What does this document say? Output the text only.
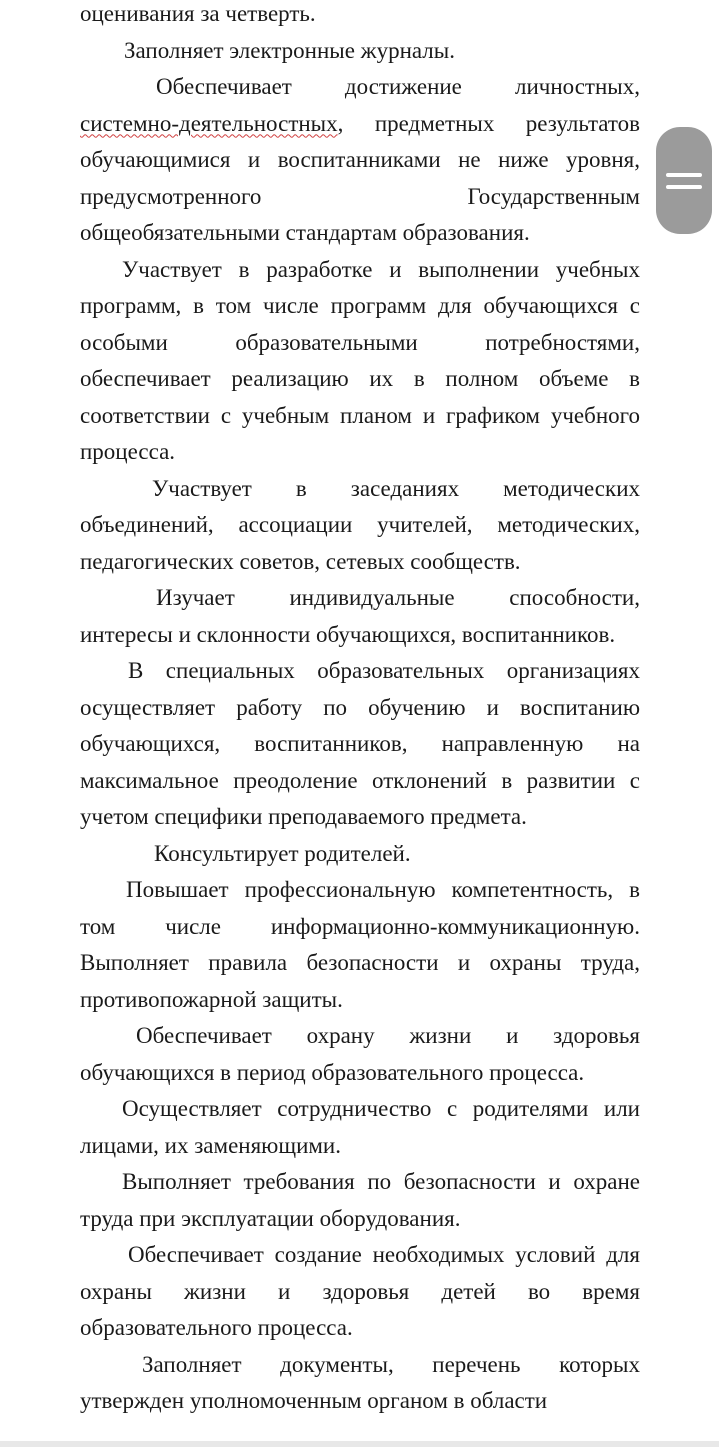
оценивания за четверть.

Заполняет электронные журналы.

Обеспечивает достижение личностных, системно-деятельностных, предметных результатов обучающимися и воспитанниками не ниже уровня, предусмотренного Государственным общеобязательными стандартам образования.

Участвует в разработке и выполнении учебных программ, в том числе программ для обучающихся с особыми образовательными потребностями, обеспечивает реализацию их в полном объеме в соответствии с учебным планом и графиком учебного процесса.

Участвует в заседаниях методических объединений, ассоциации учителей, методических, педагогических советов, сетевых сообществ.

Изучает индивидуальные способности, интересы и склонности обучающихся, воспитанников.

В специальных образовательных организациях осуществляет работу по обучению и воспитанию обучающихся, воспитанников, направленную на максимальное преодоление отклонений в развитии с учетом специфики преподаваемого предмета.

Консультирует родителей.

Повышает профессиональную компетентность, в том числе информационно-коммуникационную. Выполняет правила безопасности и охраны труда, противопожарной защиты.

Обеспечивает охрану жизни и здоровья обучающихся в период образовательного процесса.

Осуществляет сотрудничество с родителями или лицами, их заменяющими.

Выполняет требования по безопасности и охране труда при эксплуатации оборудования.

Обеспечивает создание необходимых условий для охраны жизни и здоровья детей во время образовательного процесса.

Заполняет документы, перечень которых утвержден уполномоченным органом в области
